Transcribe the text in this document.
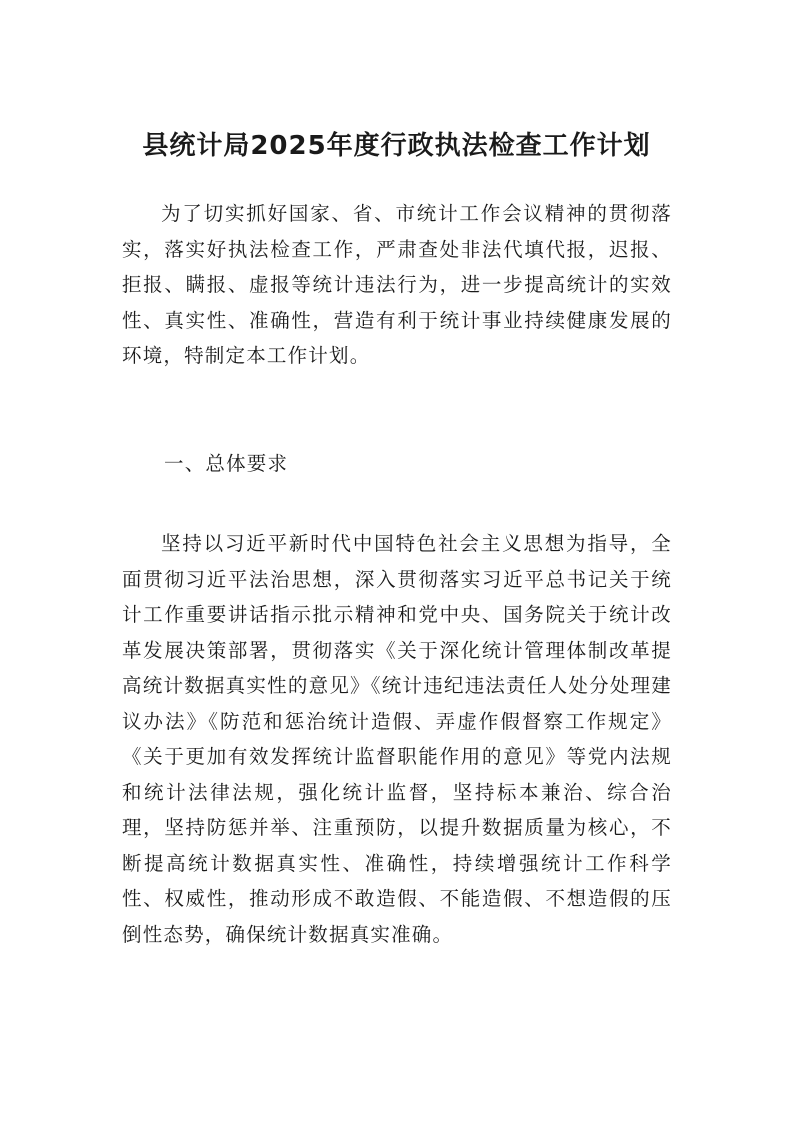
县统计局2025年度行政执法检查工作计划

为了切实抓好国家、省、市统计工作会议精神的贯彻落实，落实好执法检查工作，严肃查处非法代填代报，迟报、拒报、瞒报、虚报等统计违法行为，进一步提高统计的实效性、真实性、准确性，营造有利于统计事业持续健康发展的环境，特制定本工作计划。

一、总体要求

坚持以习近平新时代中国特色社会主义思想为指导，全面贯彻习近平法治思想，深入贯彻落实习近平总书记关于统计工作重要讲话指示批示精神和党中央、国务院关于统计改革发展决策部署，贯彻落实《关于深化统计管理体制改革提高统计数据真实性的意见》《统计违纪违法责任人处分处理建议办法》《防范和惩治统计造假、弄虚作假督察工作规定》《关于更加有效发挥统计监督职能作用的意见》等党内法规和统计法律法规，强化统计监督，坚持标本兼治、综合治理，坚持防惩并举、注重预防，以提升数据质量为核心，不断提高统计数据真实性、准确性，持续增强统计工作科学性、权威性，推动形成不敢造假、不能造假、不想造假的压倒性态势，确保统计数据真实准确。
